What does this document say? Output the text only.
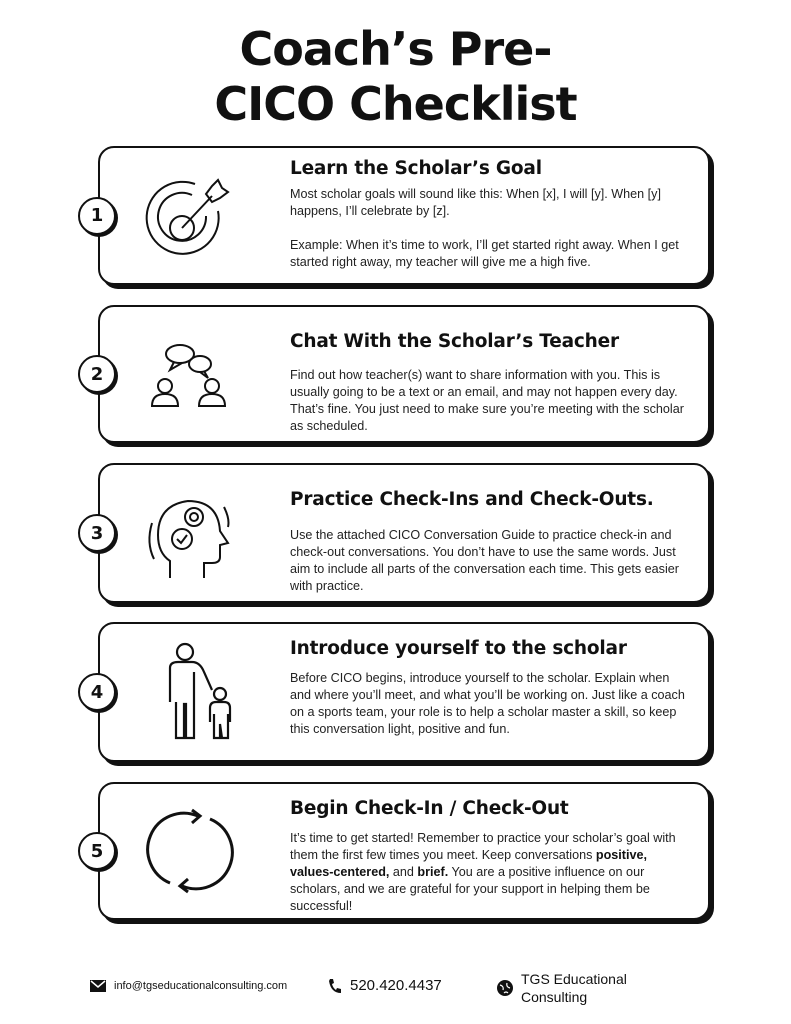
Coach’s Pre-
CICO Checklist
1
Learn the Scholar’s Goal

Most scholar goals will sound like this: When [x], I will [y]. When [y] happens, I’ll celebrate by [z].

Example: When it’s time to work, I’ll get started right away. When I get started right away, my teacher will give me a high five.

2
Chat With the Scholar’s Teacher
Find out how teacher(s) want to share information with you. This is usually going to be a text or an email, and may not happen every day. That’s fine. You just need to make sure you’re meeting with the scholar as scheduled.
3
Practice Check-Ins and Check-Outs.
Use the attached CICO Conversation Guide to practice check-in and check-out conversations. You don’t have to use the same words. Just aim to include all parts of the conversation each time. This gets easier with practice.
4
Introduce yourself to the scholar
Before CICO begins, introduce yourself to the scholar. Explain when and where you’ll meet, and what you’ll be working on. Just like a coach on a sports team, your role is to help a scholar master a skill, so keep this conversation light, positive and fun.
5
Begin Check-In / Check-Out
It’s time to get started! Remember to practice your scholar’s goal with them the first few times you meet. Keep conversations positive, values-centered, and brief. You are a positive influence on our scholars, and we are grateful for your support in helping them be successful!
info@tgseducationalconsulting.com	520.420.4437	TGS Educational
Consulting
